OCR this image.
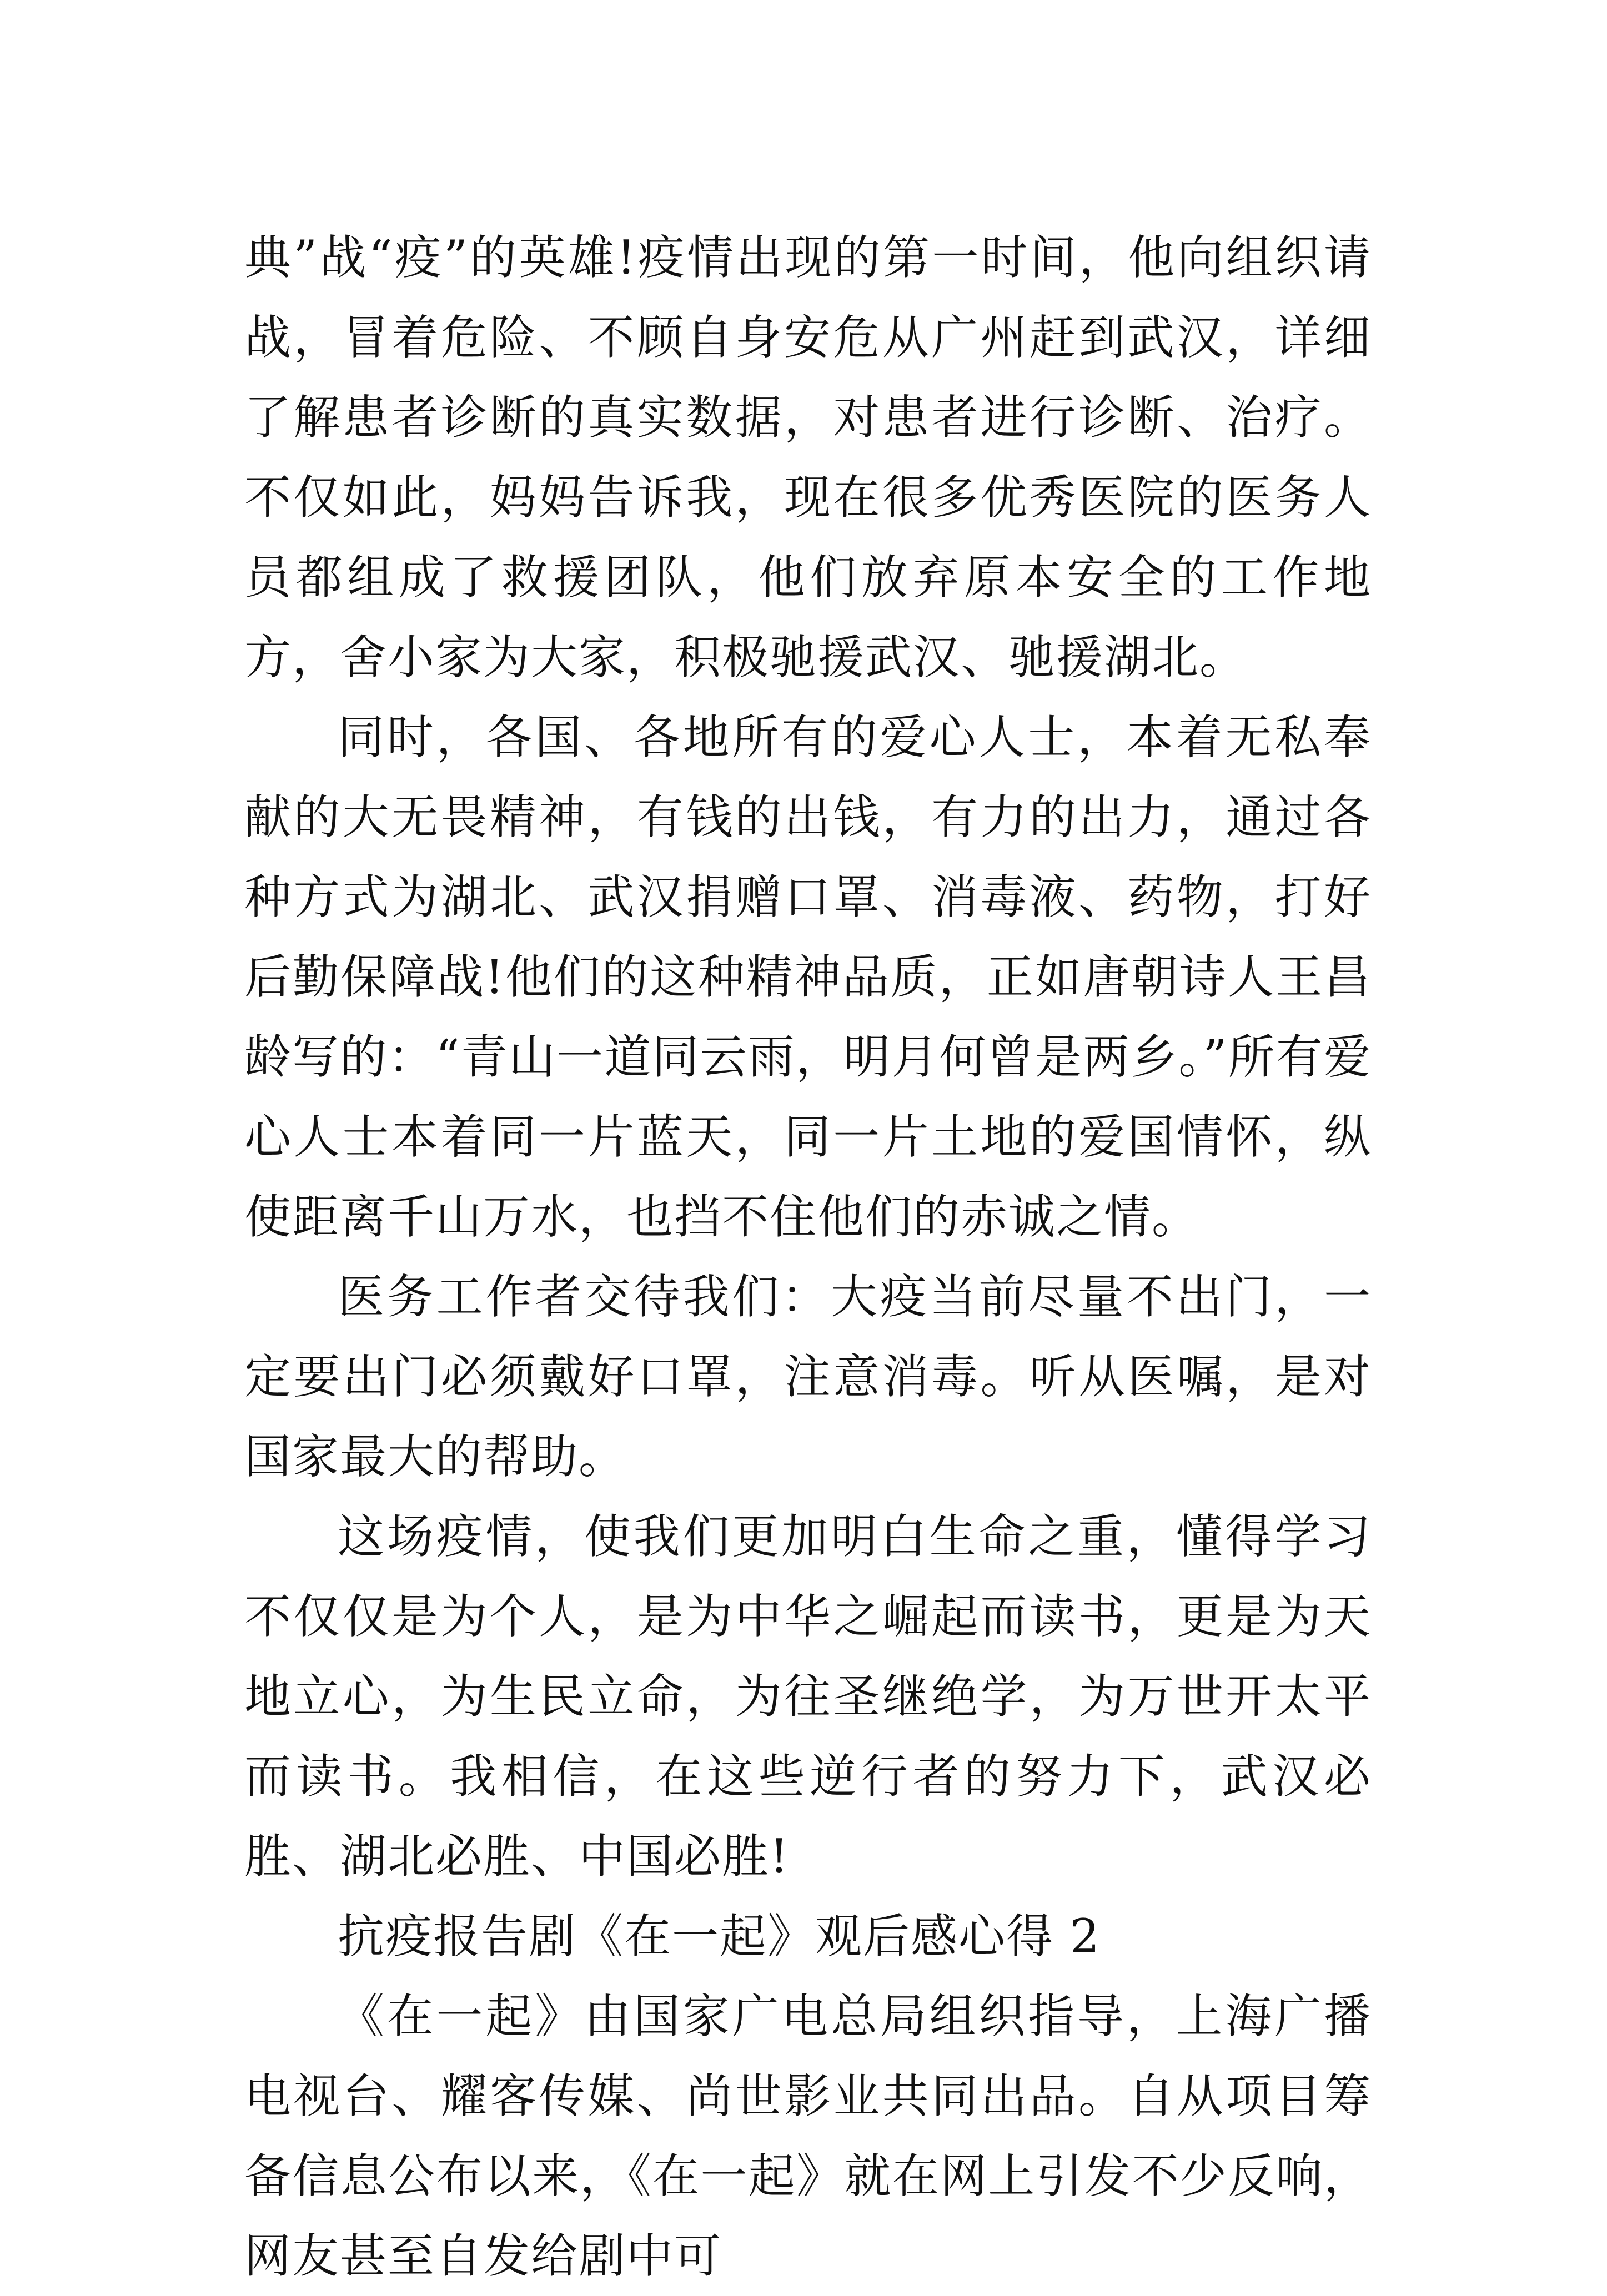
典”战“疫”的英雄!疫情出现的第一时间，他向组织请战，冒着危险、不顾自身安危从广州赶到武汉，详细了解患者诊断的真实数据，对患者进行诊断、治疗。不仅如此，妈妈告诉我，现在很多优秀医院的医务人员都组成了救援团队，他们放弃原本安全的工作地方，舍小家为大家，积极驰援武汉、驰援湖北。

同时，各国、各地所有的爱心人士，本着无私奉献的大无畏精神，有钱的出钱，有力的出力，通过各种方式为湖北、武汉捐赠口罩、消毒液、药物，打好后勤保障战!他们的这种精神品质，正如唐朝诗人王昌龄写的：“青山一道同云雨，明月何曾是两乡。”所有爱心人士本着同一片蓝天，同一片土地的爱国情怀，纵使距离千山万水，也挡不住他们的赤诚之情。

医务工作者交待我们：大疫当前尽量不出门，一定要出门必须戴好口罩，注意消毒。听从医嘱，是对国家最大的帮助。

这场疫情，使我们更加明白生命之重，懂得学习不仅仅是为个人，是为中华之崛起而读书，更是为天地立心，为生民立命，为往圣继绝学，为万世开太平而读书。我相信，在这些逆行者的努力下，武汉必胜、湖北必胜、中国必胜!

抗疫报告剧《在一起》观后感心得 2

《在一起》由国家广电总局组织指导，上海广播电视台、耀客传媒、尚世影业共同出品。自从项目筹备信息公布以来，《在一起》就在网上引发不少反响，网友甚至自发给剧中可
